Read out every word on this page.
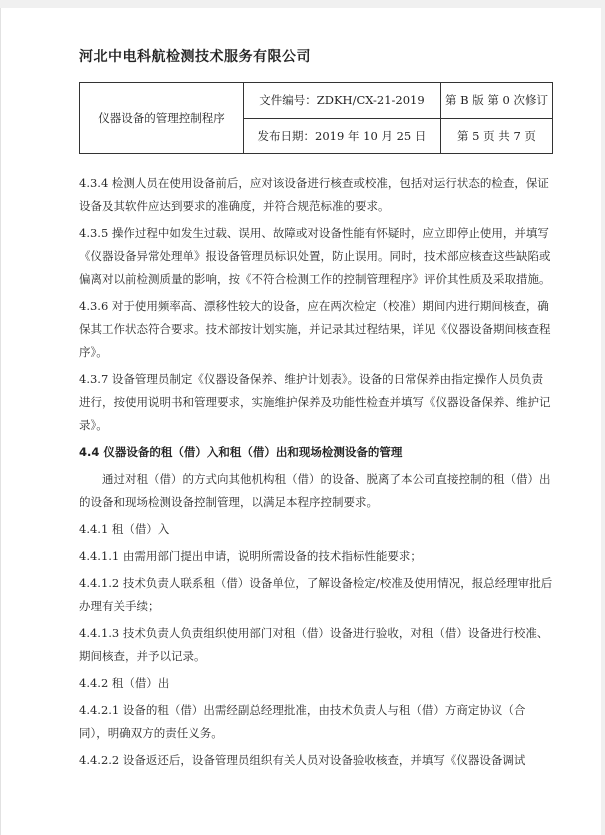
河北中电科航检测技术服务有限公司
仪器设备的管理控制程序	文件编号：ZDKH/CX-21-2019	第 B 版 第 0 次修订
	发布日期：2019 年 10 月 25 日	第 5 页 共 7 页

4.3.4 检测人员在使用设备前后，应对该设备进行核查或校准，包括对运行状态的检查，保证设备及其软件应达到要求的准确度，并符合规范标准的要求。

4.3.5 操作过程中如发生过载、误用、故障或对设备性能有怀疑时，应立即停止使用，并填写《仪器设备异常处理单》报设备管理员标识处置，防止误用。同时，技术部应核查这些缺陷或偏离对以前检测质量的影响，按《不符合检测工作的控制管理程序》评价其性质及采取措施。

4.3.6 对于使用频率高、漂移性较大的设备，应在两次检定（校准）期间内进行期间核查，确保其工作状态符合要求。技术部按计划实施，并记录其过程结果，详见《仪器设备期间核查程序》。

4.3.7 设备管理员制定《仪器设备保养、维护计划表》。设备的日常保养由指定操作人员负责进行，按使用说明书和管理要求，实施维护保养及功能性检查并填写《仪器设备保养、维护记录》。

4.4 仪器设备的租（借）入和租（借）出和现场检测设备的管理

通过对租（借）的方式向其他机构租（借）的设备、脱离了本公司直接控制的租（借）出的设备和现场检测设备控制管理，以满足本程序控制要求。

4.4.1 租（借）入

4.4.1.1 由需用部门提出申请，说明所需设备的技术指标性能要求；

4.4.1.2 技术负责人联系租（借）设备单位，了解设备检定/校准及使用情况，报总经理审批后办理有关手续；

4.4.1.3 技术负责人负责组织使用部门对租（借）设备进行验收，对租（借）设备进行校准、期间核查，并予以记录。

4.4.2 租（借）出

4.4.2.1 设备的租（借）出需经副总经理批准，由技术负责人与租（借）方商定协议（合同），明确双方的责任义务。

4.4.2.2 设备返还后，设备管理员组织有关人员对设备验收核查，并填写《仪器设备调试
